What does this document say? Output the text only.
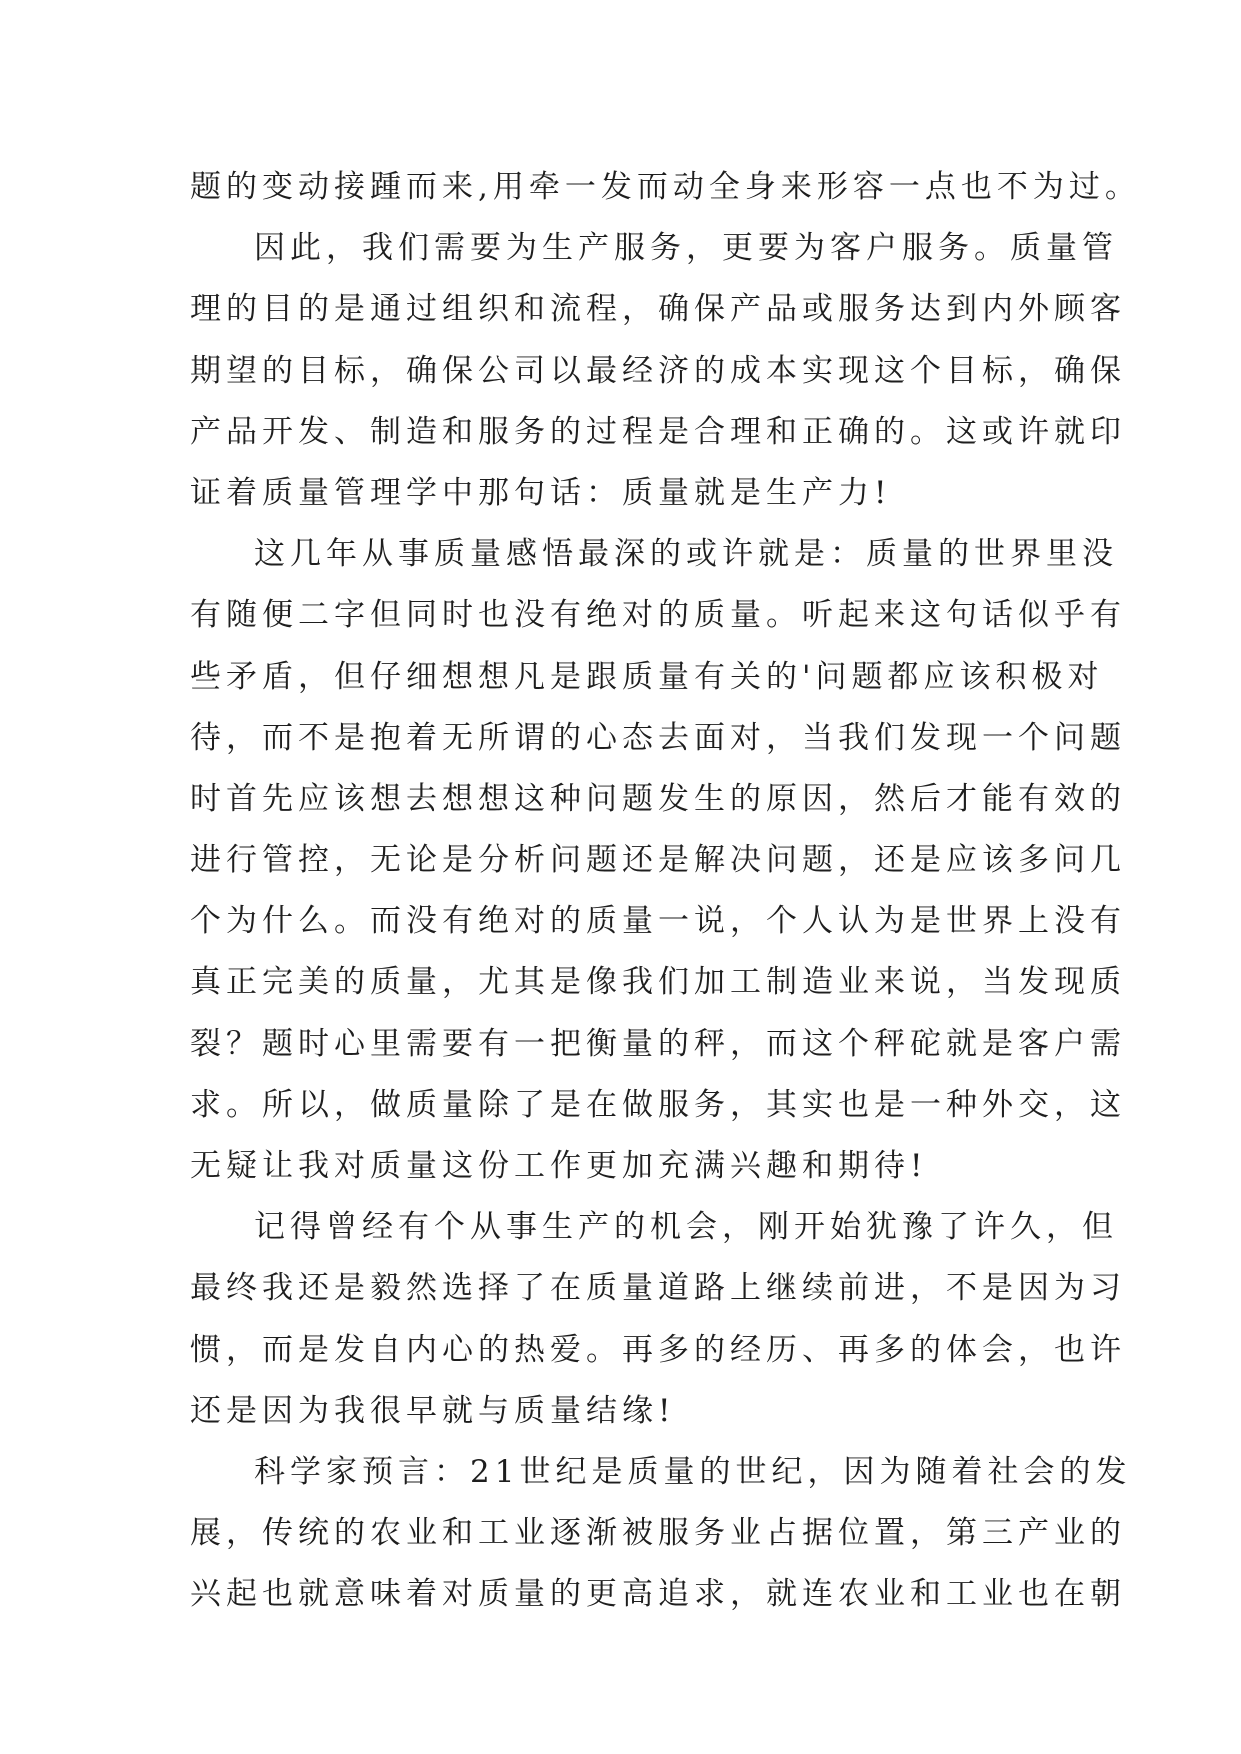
题的变动接踵而来,用牵一发而动全身来形容一点也不为过。
因此，我们需要为生产服务，更要为客户服务。质量管
理的目的是通过组织和流程，确保产品或服务达到内外顾客
期望的目标，确保公司以最经济的成本实现这个目标，确保
产品开发、制造和服务的过程是合理和正确的。这或许就印
证着质量管理学中那句话：质量就是生产力!
这几年从事质量感悟最深的或许就是：质量的世界里没
有随便二字但同时也没有绝对的质量。听起来这句话似乎有
些矛盾，但仔细想想凡是跟质量有关的'问题都应该积极对
待，而不是抱着无所谓的心态去面对，当我们发现一个问题
时首先应该想去想想这种问题发生的原因，然后才能有效的
进行管控，无论是分析问题还是解决问题，还是应该多问几
个为什么。而没有绝对的质量一说，个人认为是世界上没有
真正完美的质量，尤其是像我们加工制造业来说，当发现质
裂？题时心里需要有一把衡量的秤，而这个秤砣就是客户需
求。所以，做质量除了是在做服务，其实也是一种外交，这
无疑让我对质量这份工作更加充满兴趣和期待!
记得曾经有个从事生产的机会，刚开始犹豫了许久，但
最终我还是毅然选择了在质量道路上继续前进，不是因为习
惯，而是发自内心的热爱。再多的经历、再多的体会，也许
还是因为我很早就与质量结缘!
科学家预言：21世纪是质量的世纪，因为随着社会的发
展，传统的农业和工业逐渐被服务业占据位置，第三产业的
兴起也就意味着对质量的更高追求，就连农业和工业也在朝
